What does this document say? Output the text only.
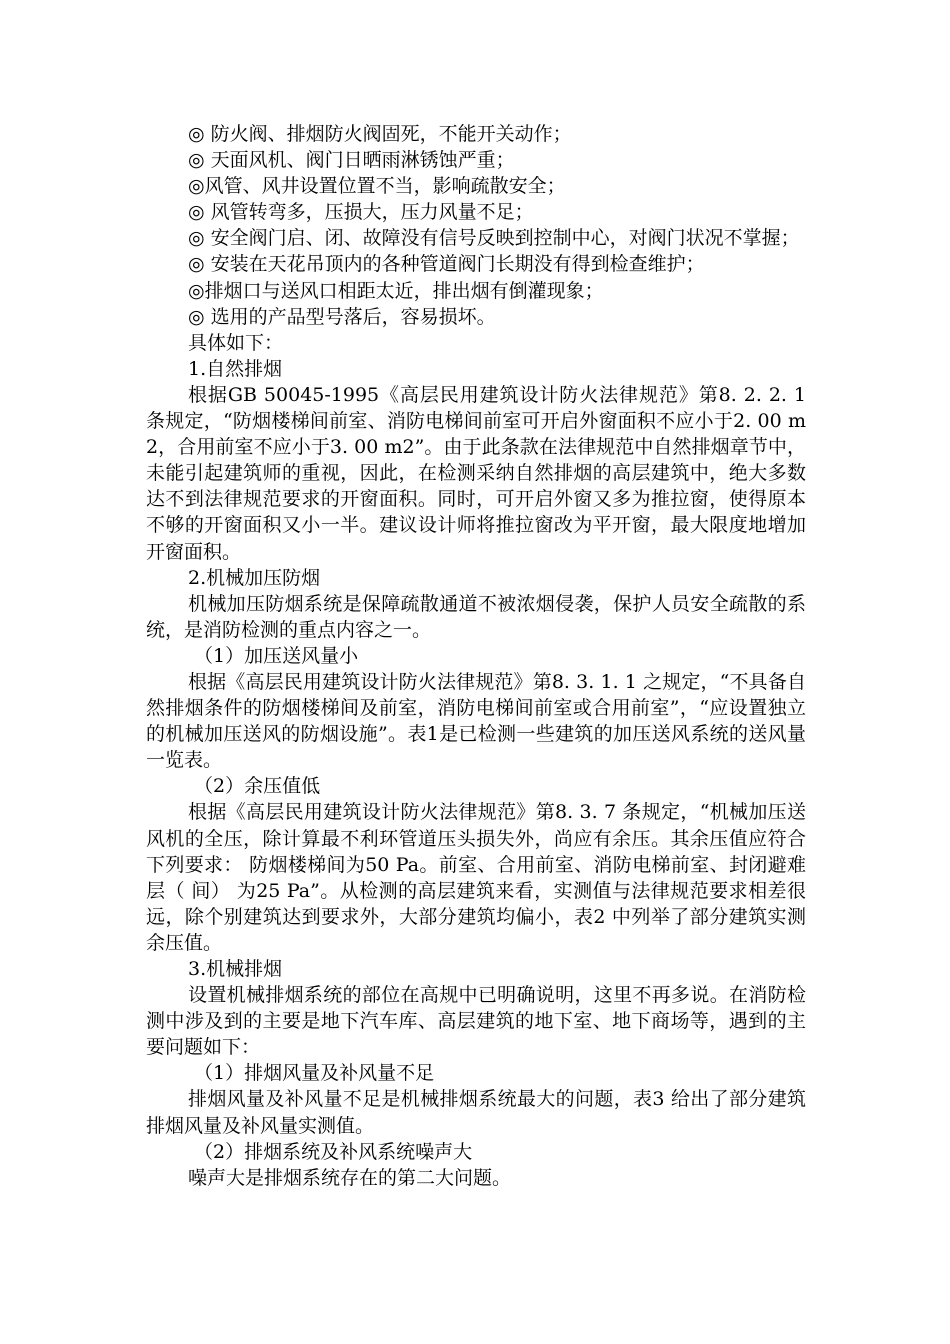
◎ 防火阀、排烟防火阀固死，不能开关动作；

◎ 天面风机、阀门日晒雨淋锈蚀严重；

◎风管、风井设置位置不当，影响疏散安全；

◎ 风管转弯多，压损大，压力风量不足；

◎ 安全阀门启、闭、故障没有信号反映到控制中心，对阀门状况不掌握；

◎ 安装在天花吊顶内的各种管道阀门长期没有得到检查维护；

◎排烟口与送风口相距太近，排出烟有倒灌现象；

◎ 选用的产品型号落后，容易损坏。

具体如下：

1.自然排烟

根据GB 50045-1995《高层民用建筑设计防火法律规范》第8. 2. 2. 1 条规定，“防烟楼梯间前室、消防电梯间前室可开启外窗面积不应小于2. 00 m2，合用前室不应小于3. 00 m2”。由于此条款在法律规范中自然排烟章节中，未能引起建筑师的重视，因此，在检测采纳自然排烟的高层建筑中，绝大多数达不到法律规范要求的开窗面积。同时，可开启外窗又多为推拉窗，使得原本不够的开窗面积又小一半。建议设计师将推拉窗改为平开窗，最大限度地增加开窗面积。

2.机械加压防烟

机械加压防烟系统是保障疏散通道不被浓烟侵袭，保护人员安全疏散的系统，是消防检测的重点内容之一。

（1）加压送风量小

根据《高层民用建筑设计防火法律规范》第8. 3. 1. 1 之规定，“不具备自然排烟条件的防烟楼梯间及前室，消防电梯间前室或合用前室”，“应设置独立的机械加压送风的防烟设施”。表1是已检测一些建筑的加压送风系统的送风量一览表。

（2）余压值低

根据《高层民用建筑设计防火法律规范》第8. 3. 7 条规定，“机械加压送风机的全压，除计算最不利环管道压头损失外，尚应有余压。其余压值应符合下列要求： 防烟楼梯间为50 Pa。前室、合用前室、消防电梯前室、封闭避难层（ 间） 为25 Pa”。从检测的高层建筑来看，实测值与法律规范要求相差很远，除个别建筑达到要求外，大部分建筑均偏小，表2 中列举了部分建筑实测余压值。

3.机械排烟

设置机械排烟系统的部位在高规中已明确说明，这里不再多说。在消防检测中涉及到的主要是地下汽车库、高层建筑的地下室、地下商场等，遇到的主要问题如下：

（1）排烟风量及补风量不足

排烟风量及补风量不足是机械排烟系统最大的问题，表3 给出了部分建筑排烟风量及补风量实测值。

（2）排烟系统及补风系统噪声大

噪声大是排烟系统存在的第二大问题。
